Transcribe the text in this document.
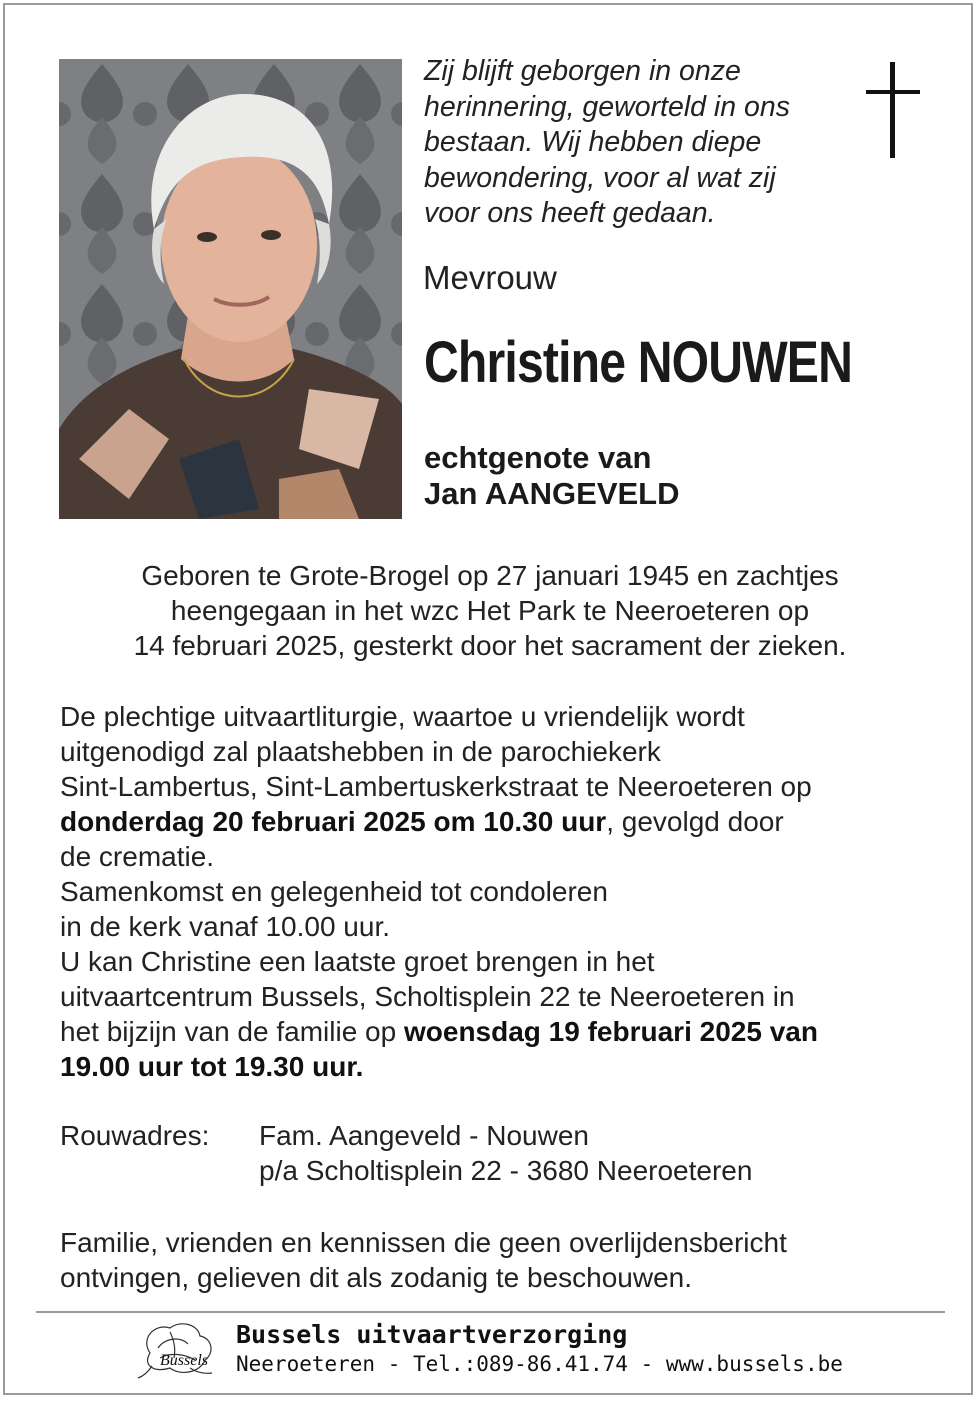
Zij blijft geborgen in onze
herinnering, geworteld in ons
bestaan. Wij hebben diepe
bewondering, voor al wat zij
voor ons heeft gedaan.
Mevrouw
Christine NOUWEN
echtgenote van
Jan AANGEVELD
Geboren te Grote-Brogel op 27 januari 1945 en zachtjes
heengegaan in het wzc Het Park te Neeroeteren op
14 februari 2025, gesterkt door het sacrament der zieken.
De plechtige uitvaartliturgie, waartoe u vriendelijk wordt
uitgenodigd zal plaatshebben in de parochiekerk
Sint-Lambertus, Sint-Lambertuskerkstraat te Neeroeteren op
donderdag 20 februari 2025 om 10.30 uur, gevolgd door
de crematie.
Samenkomst en gelegenheid tot condoleren
in de kerk vanaf 10.00 uur.
U kan Christine een laatste groet brengen in het
uitvaartcentrum Bussels, Scholtisplein 22 te Neeroeteren in
het bijzijn van de familie op woensdag 19 februari 2025 van
19.00 uur tot 19.30 uur.
Rouwadres: Fam. Aangeveld - Nouwen
p/a Scholtisplein 22 - 3680 Neeroeteren
Familie, vrienden en kennissen die geen overlijdensbericht
ontvingen, gelieven dit als zodanig te beschouwen.
Bussels
Bussels uitvaartverzorging
Neeroeteren - Tel.:089-86.41.74 - www.bussels.be
